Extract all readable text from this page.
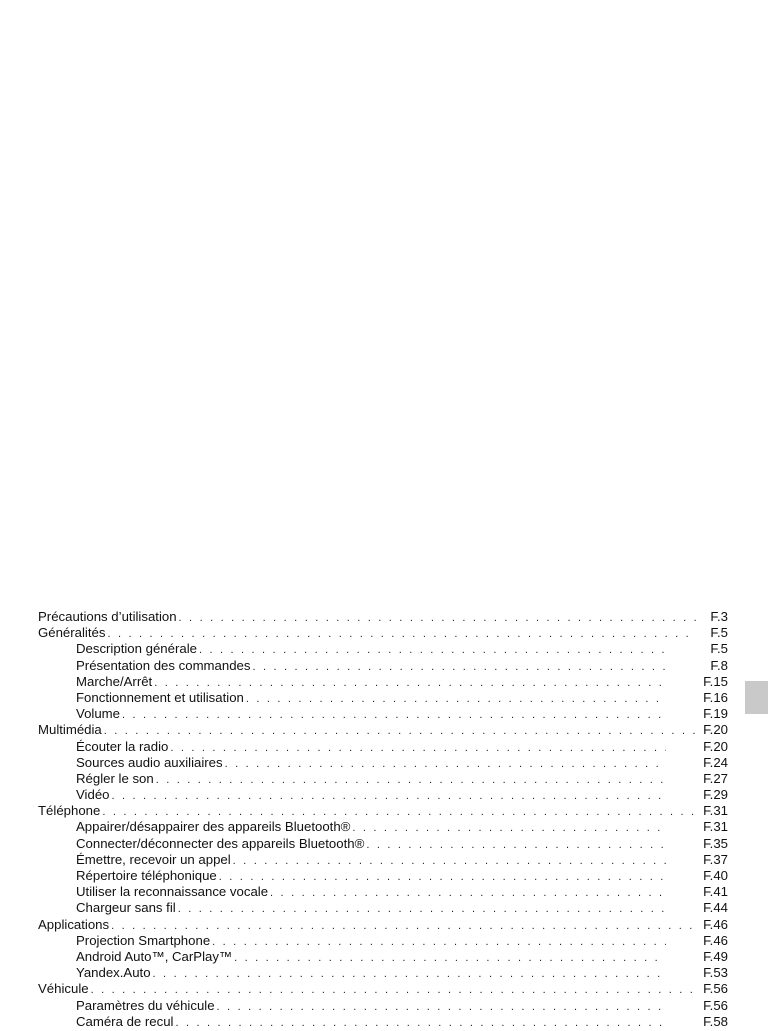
Précautions d’utilisation . . .	F.3
Généralités . . .	F.5
Description générale . . .	F.5
Présentation des commandes . . .	F.8
Marche/Arrêt . . .	F.15
Fonctionnement et utilisation . . .	F.16
Volume . . .	F.19
Multimédia . . .	F.20
Écouter la radio . . .	F.20
Sources audio auxiliaires . . .	F.24
Régler le son . . .	F.27
Vidéo . . .	F.29
Téléphone . . .	F.31
Appairer/désappairer des appareils Bluetooth® . . .	F.31
Connecter/déconnecter des appareils Bluetooth® . . .	F.35
Émettre, recevoir un appel . . .	F.37
Répertoire téléphonique . . .	F.40
Utiliser la reconnaissance vocale . . .	F.41
Chargeur sans fil . . .	F.44
Applications . . .	F.46
Projection Smartphone . . .	F.46
Android Auto™, CarPlay™ . . .	F.49
Yandex.Auto . . .	F.53
Véhicule . . .	F.56
Paramètres du véhicule . . .	F.56
Caméra de recul . . .	F.58
